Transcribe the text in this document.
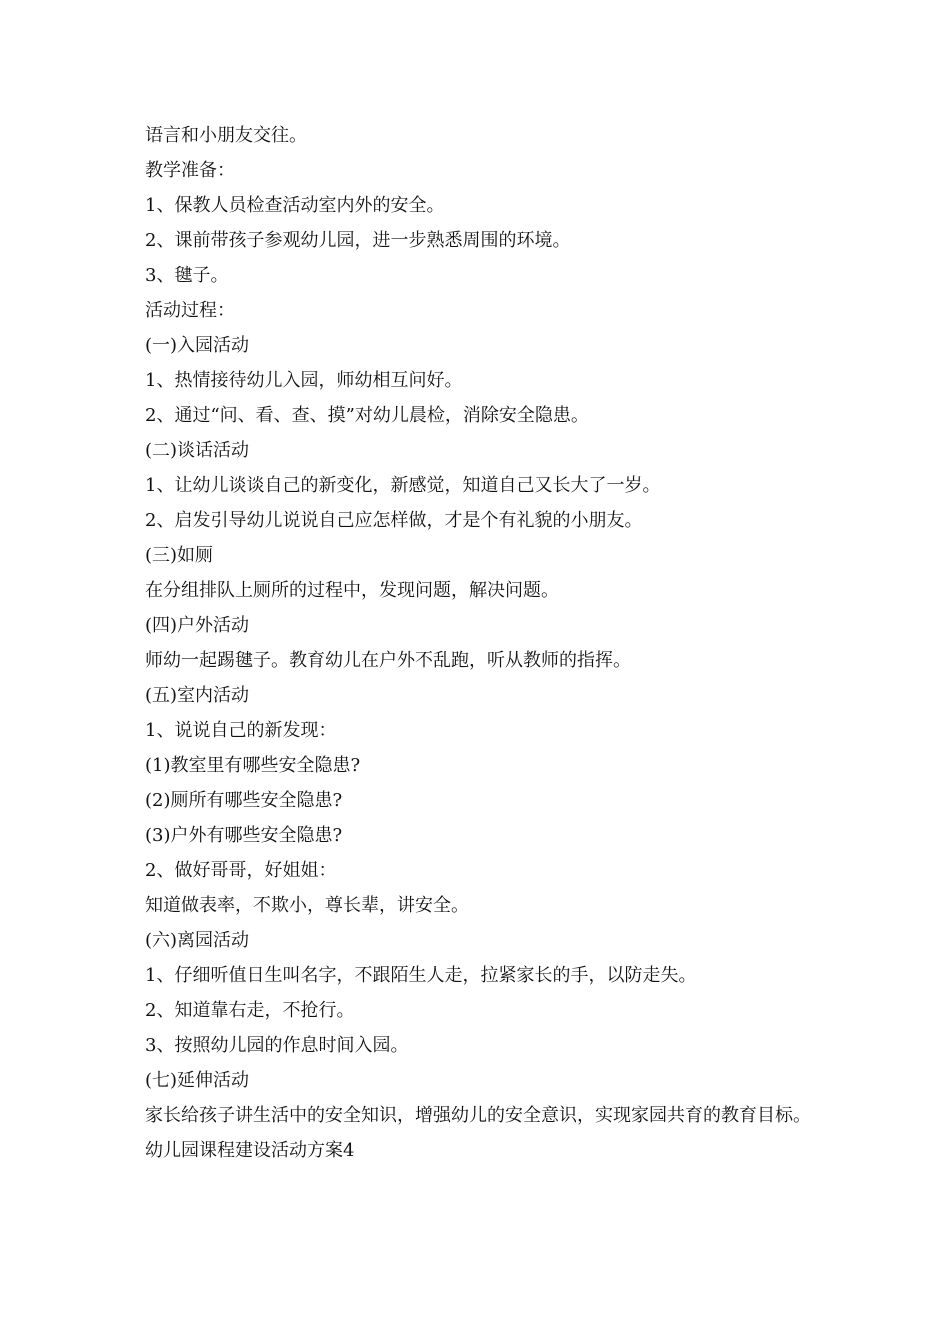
语言和小朋友交往。

教学准备：

1、保教人员检查活动室内外的安全。

2、课前带孩子参观幼儿园，进一步熟悉周围的环境。

3、毽子。

活动过程：

(一)入园活动

1、热情接待幼儿入园，师幼相互问好。

2、通过“问、看、查、摸”对幼儿晨检，消除安全隐患。

(二)谈话活动

1、让幼儿谈谈自己的新变化，新感觉，知道自己又长大了一岁。

2、启发引导幼儿说说自己应怎样做，才是个有礼貌的小朋友。

(三)如厕

在分组排队上厕所的过程中，发现问题，解决问题。

(四)户外活动

师幼一起踢毽子。教育幼儿在户外不乱跑，听从教师的指挥。

(五)室内活动

1、说说自己的新发现：

(1)教室里有哪些安全隐患?

(2)厕所有哪些安全隐患?

(3)户外有哪些安全隐患?

2、做好哥哥，好姐姐：

知道做表率，不欺小，尊长辈，讲安全。

(六)离园活动

1、仔细听值日生叫名字，不跟陌生人走，拉紧家长的手，以防走失。

2、知道靠右走，不抢行。

3、按照幼儿园的作息时间入园。

(七)延伸活动

家长给孩子讲生活中的安全知识，增强幼儿的安全意识，实现家园共育的教育目标。

幼儿园课程建设活动方案4
